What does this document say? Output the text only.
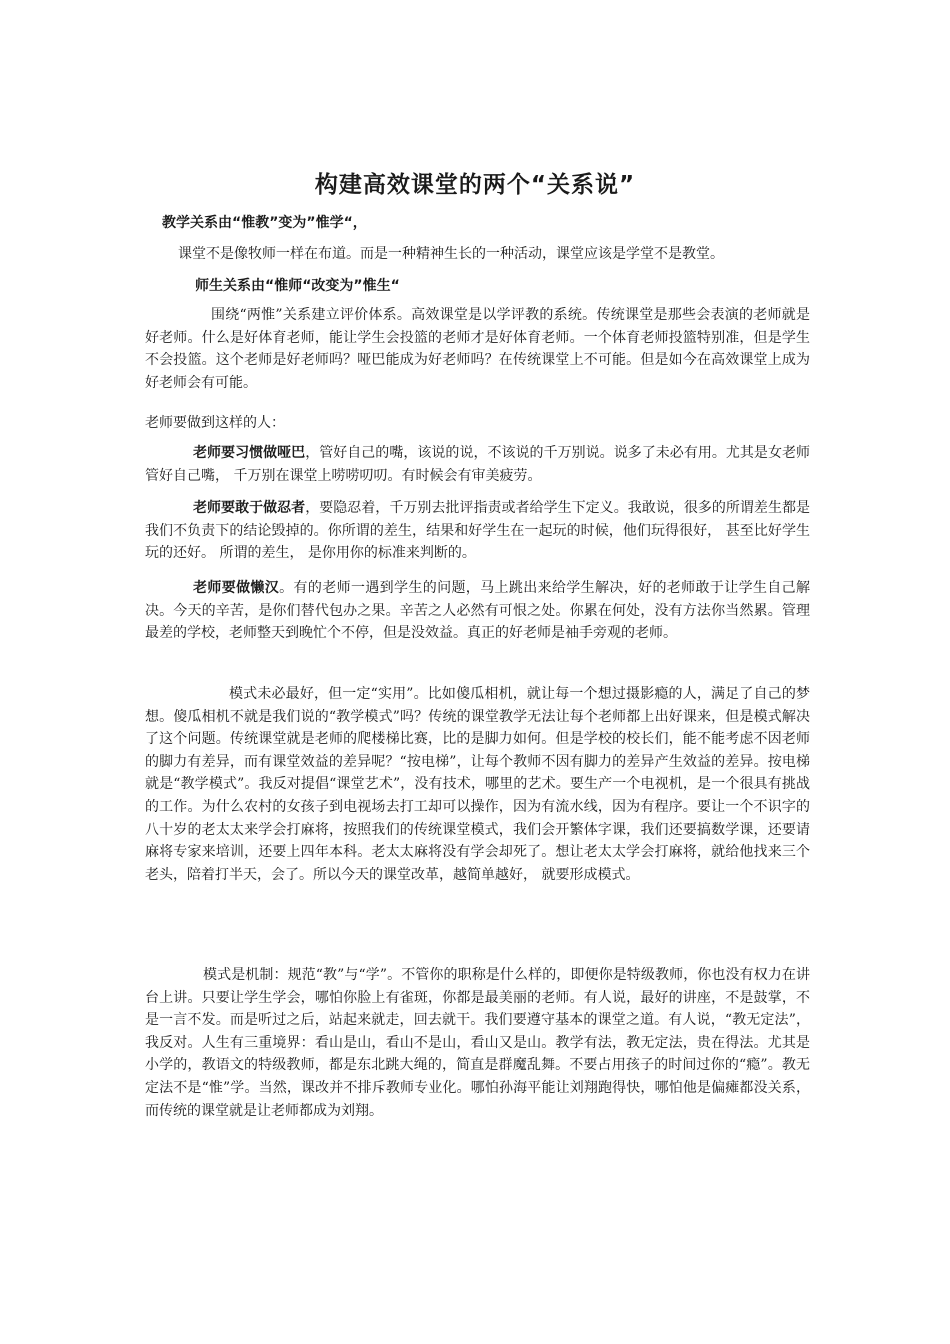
构建高效课堂的两个“关系说”

教学关系由“惟教”变为”惟学“，

课堂不是像牧师一样在布道。而是一种精神生长的一种活动，课堂应该是学堂不是教堂。

师生关系由“惟师“改变为”惟生“

围绕“两惟”关系建立评价体系。高效课堂是以学评教的系统。传统课堂是那些会表演的老师就是好老师。什么是好体育老师，能让学生会投篮的老师才是好体育老师。一个体育老师投篮特别准，但是学生不会投篮。这个老师是好老师吗？哑巴能成为好老师吗？在传统课堂上不可能。但是如今在高效课堂上成为好老师会有可能。

老师要做到这样的人：

老师要习惯做哑巴，管好自己的嘴，该说的说，不该说的千万别说。说多了未必有用。尤其是女老师管好自己嘴， 千万别在课堂上唠唠叨叨。有时候会有审美疲劳。

老师要敢于做忍者，要隐忍着，千万别去批评指责或者给学生下定义。我敢说，很多的所谓差生都是我们不负责下的结论毁掉的。你所谓的差生，结果和好学生在一起玩的时候，他们玩得很好， 甚至比好学生玩的还好。 所谓的差生， 是你用你的标准来判断的。

老师要做懒汉。有的老师一遇到学生的问题，马上跳出来给学生解决，好的老师敢于让学生自己解决。今天的辛苦，是你们替代包办之果。辛苦之人必然有可恨之处。你累在何处，没有方法你当然累。管理最差的学校，老师整天到晚忙个不停，但是没效益。真正的好老师是袖手旁观的老师。

模式未必最好，但一定“实用”。比如傻瓜相机，就让每一个想过摄影瘾的人，满足了自己的梦想。傻瓜相机不就是我们说的“教学模式”吗？传统的课堂教学无法让每个老师都上出好课来，但是模式解决了这个问题。传统课堂就是老师的爬楼梯比赛，比的是脚力如何。但是学校的校长们，能不能考虑不因老师的脚力有差异，而有课堂效益的差异呢？“按电梯”，让每个教师不因有脚力的差异产生效益的差异。按电梯就是“教学模式”。我反对提倡“课堂艺术”，没有技术，哪里的艺术。要生产一个电视机，是一个很具有挑战的工作。为什么农村的女孩子到电视场去打工却可以操作，因为有流水线，因为有程序。要让一个不识字的八十岁的老太太来学会打麻将，按照我们的传统课堂模式，我们会开繁体字课，我们还要搞数学课，还要请麻将专家来培训，还要上四年本科。老太太麻将没有学会却死了。想让老太太学会打麻将，就给他找来三个老头，陪着打半天，会了。所以今天的课堂改革，越简单越好， 就要形成模式。

模式是机制：规范“教”与“学”。不管你的职称是什么样的，即便你是特级教师，你也没有权力在讲台上讲。只要让学生学会，哪怕你脸上有雀斑，你都是最美丽的老师。有人说，最好的讲座，不是鼓掌，不是一言不发。而是听过之后，站起来就走，回去就干。我们要遵守基本的课堂之道。有人说，“教无定法”，我反对。人生有三重境界：看山是山，看山不是山，看山又是山。教学有法，教无定法，贵在得法。尤其是小学的，教语文的特级教师，都是东北跳大绳的，简直是群魔乱舞。不要占用孩子的时间过你的“瘾”。教无定法不是“惟”学。当然，课改并不排斥教师专业化。哪怕孙海平能让刘翔跑得快，哪怕他是偏瘫都没关系，而传统的课堂就是让老师都成为刘翔。
